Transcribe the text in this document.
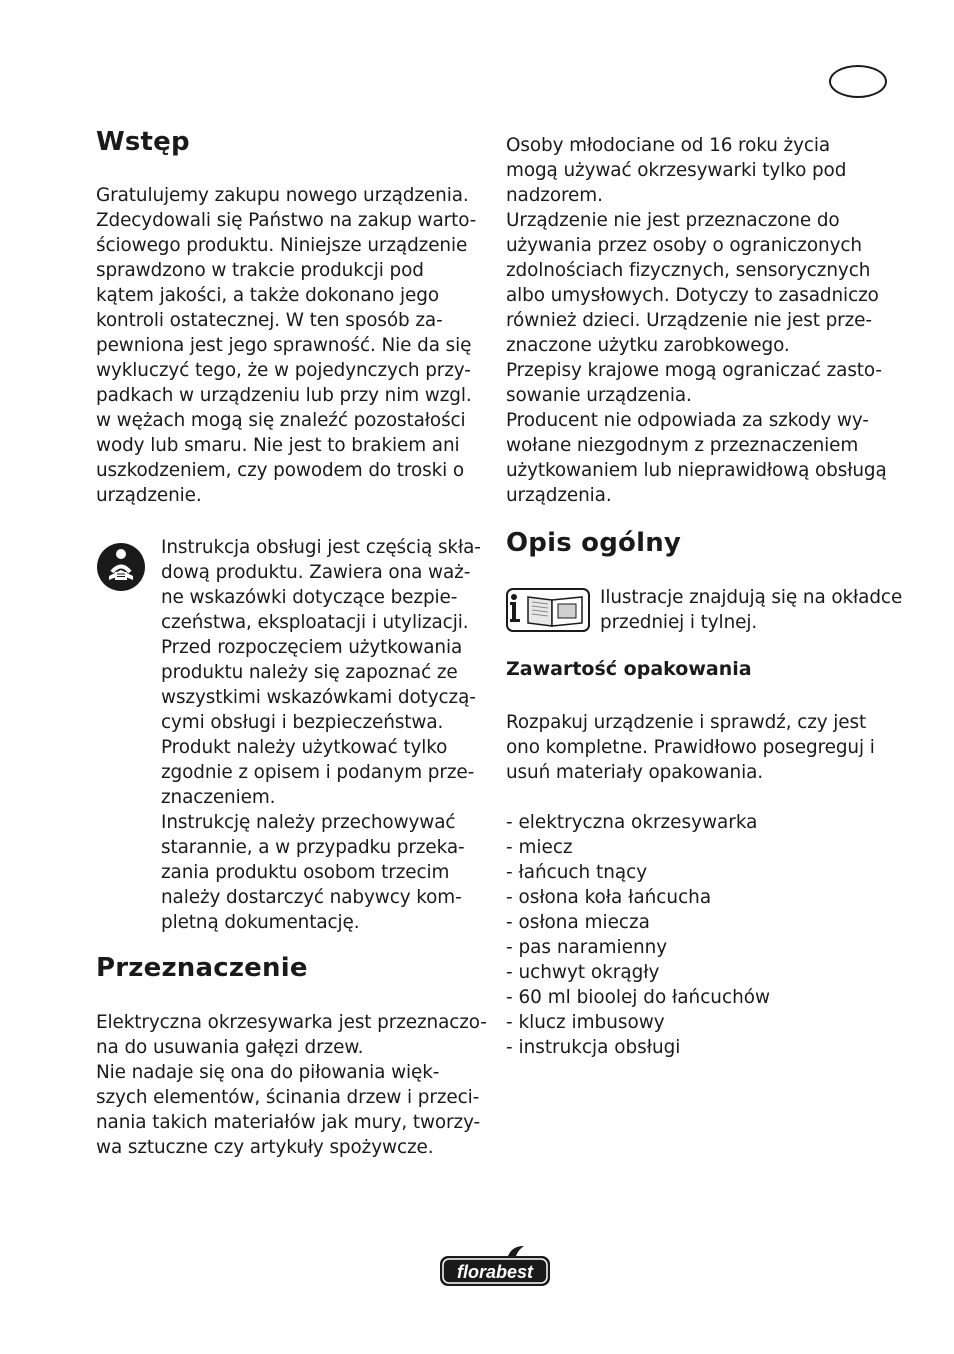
Wstęp
Gratulujemy zakupu nowego urządzenia.
Zdecydowali się Państwo na zakup warto-
ściowego produktu. Niniejsze urządzenie
sprawdzono w trakcie produkcji pod
kątem jakości, a także dokonano jego
kontroli ostatecznej. W ten sposób za-
pewniona jest jego sprawność. Nie da się
wykluczyć tego, że w pojedynczych przy-
padkach w urządzeniu lub przy nim wzgl.
w wężach mogą się znaleźć pozostałości
wody lub smaru. Nie jest to brakiem ani
uszkodzeniem, czy powodem do troski o
urządzenie.
Instrukcja obsługi jest częścią skła-
dową produktu. Zawiera ona waż-
ne wskazówki dotyczące bezpie-
czeństwa, eksploatacji i utylizacji.
Przed rozpoczęciem użytkowania
produktu należy się zapoznać ze
wszystkimi wskazówkami dotyczą-
cymi obsługi i bezpieczeństwa.
Produkt należy użytkować tylko
zgodnie z opisem i podanym prze-
znaczeniem.
Instrukcję należy przechowywać
starannie, a w przypadku przeka-
zania produktu osobom trzecim
należy dostarczyć nabywcy kom-
pletną dokumentację.
Przeznaczenie
Elektryczna okrzesywarka jest przeznaczo-
na do usuwania gałęzi drzew.
Nie nadaje się ona do piłowania więk-
szych elementów, ścinania drzew i przeci-
nania takich materiałów jak mury, tworzy-
wa sztuczne czy artykuły spożywcze.
Osoby młodociane od 16 roku życia
mogą używać okrzesywarki tylko pod
nadzorem.
Urządzenie nie jest przeznaczone do
używania przez osoby o ograniczonych
zdolnościach fizycznych, sensorycznych
albo umysłowych. Dotyczy to zasadniczo
również dzieci. Urządzenie nie jest prze-
znaczone użytku zarobkowego.
Przepisy krajowe mogą ograniczać zasto-
sowanie urządzenia.
Producent nie odpowiada za szkody wy-
wołane niezgodnym z przeznaczeniem
użytkowaniem lub nieprawidłową obsługą
urządzenia.
Opis ogólny
Ilustracje znajdują się na okładce
przedniej i tylnej.
Zawartość opakowania
Rozpakuj urządzenie i sprawdź, czy jest
ono kompletne. Prawidłowo posegreguj i
usuń materiały opakowania.
- elektryczna okrzesywarka
- miecz
- łańcuch tnący
- osłona koła łańcucha
- osłona miecza
- pas naramienny
- uchwyt okrągły
- 60 ml bioolej do łańcuchów
- klucz imbusowy
- instrukcja obsługi
florabest
